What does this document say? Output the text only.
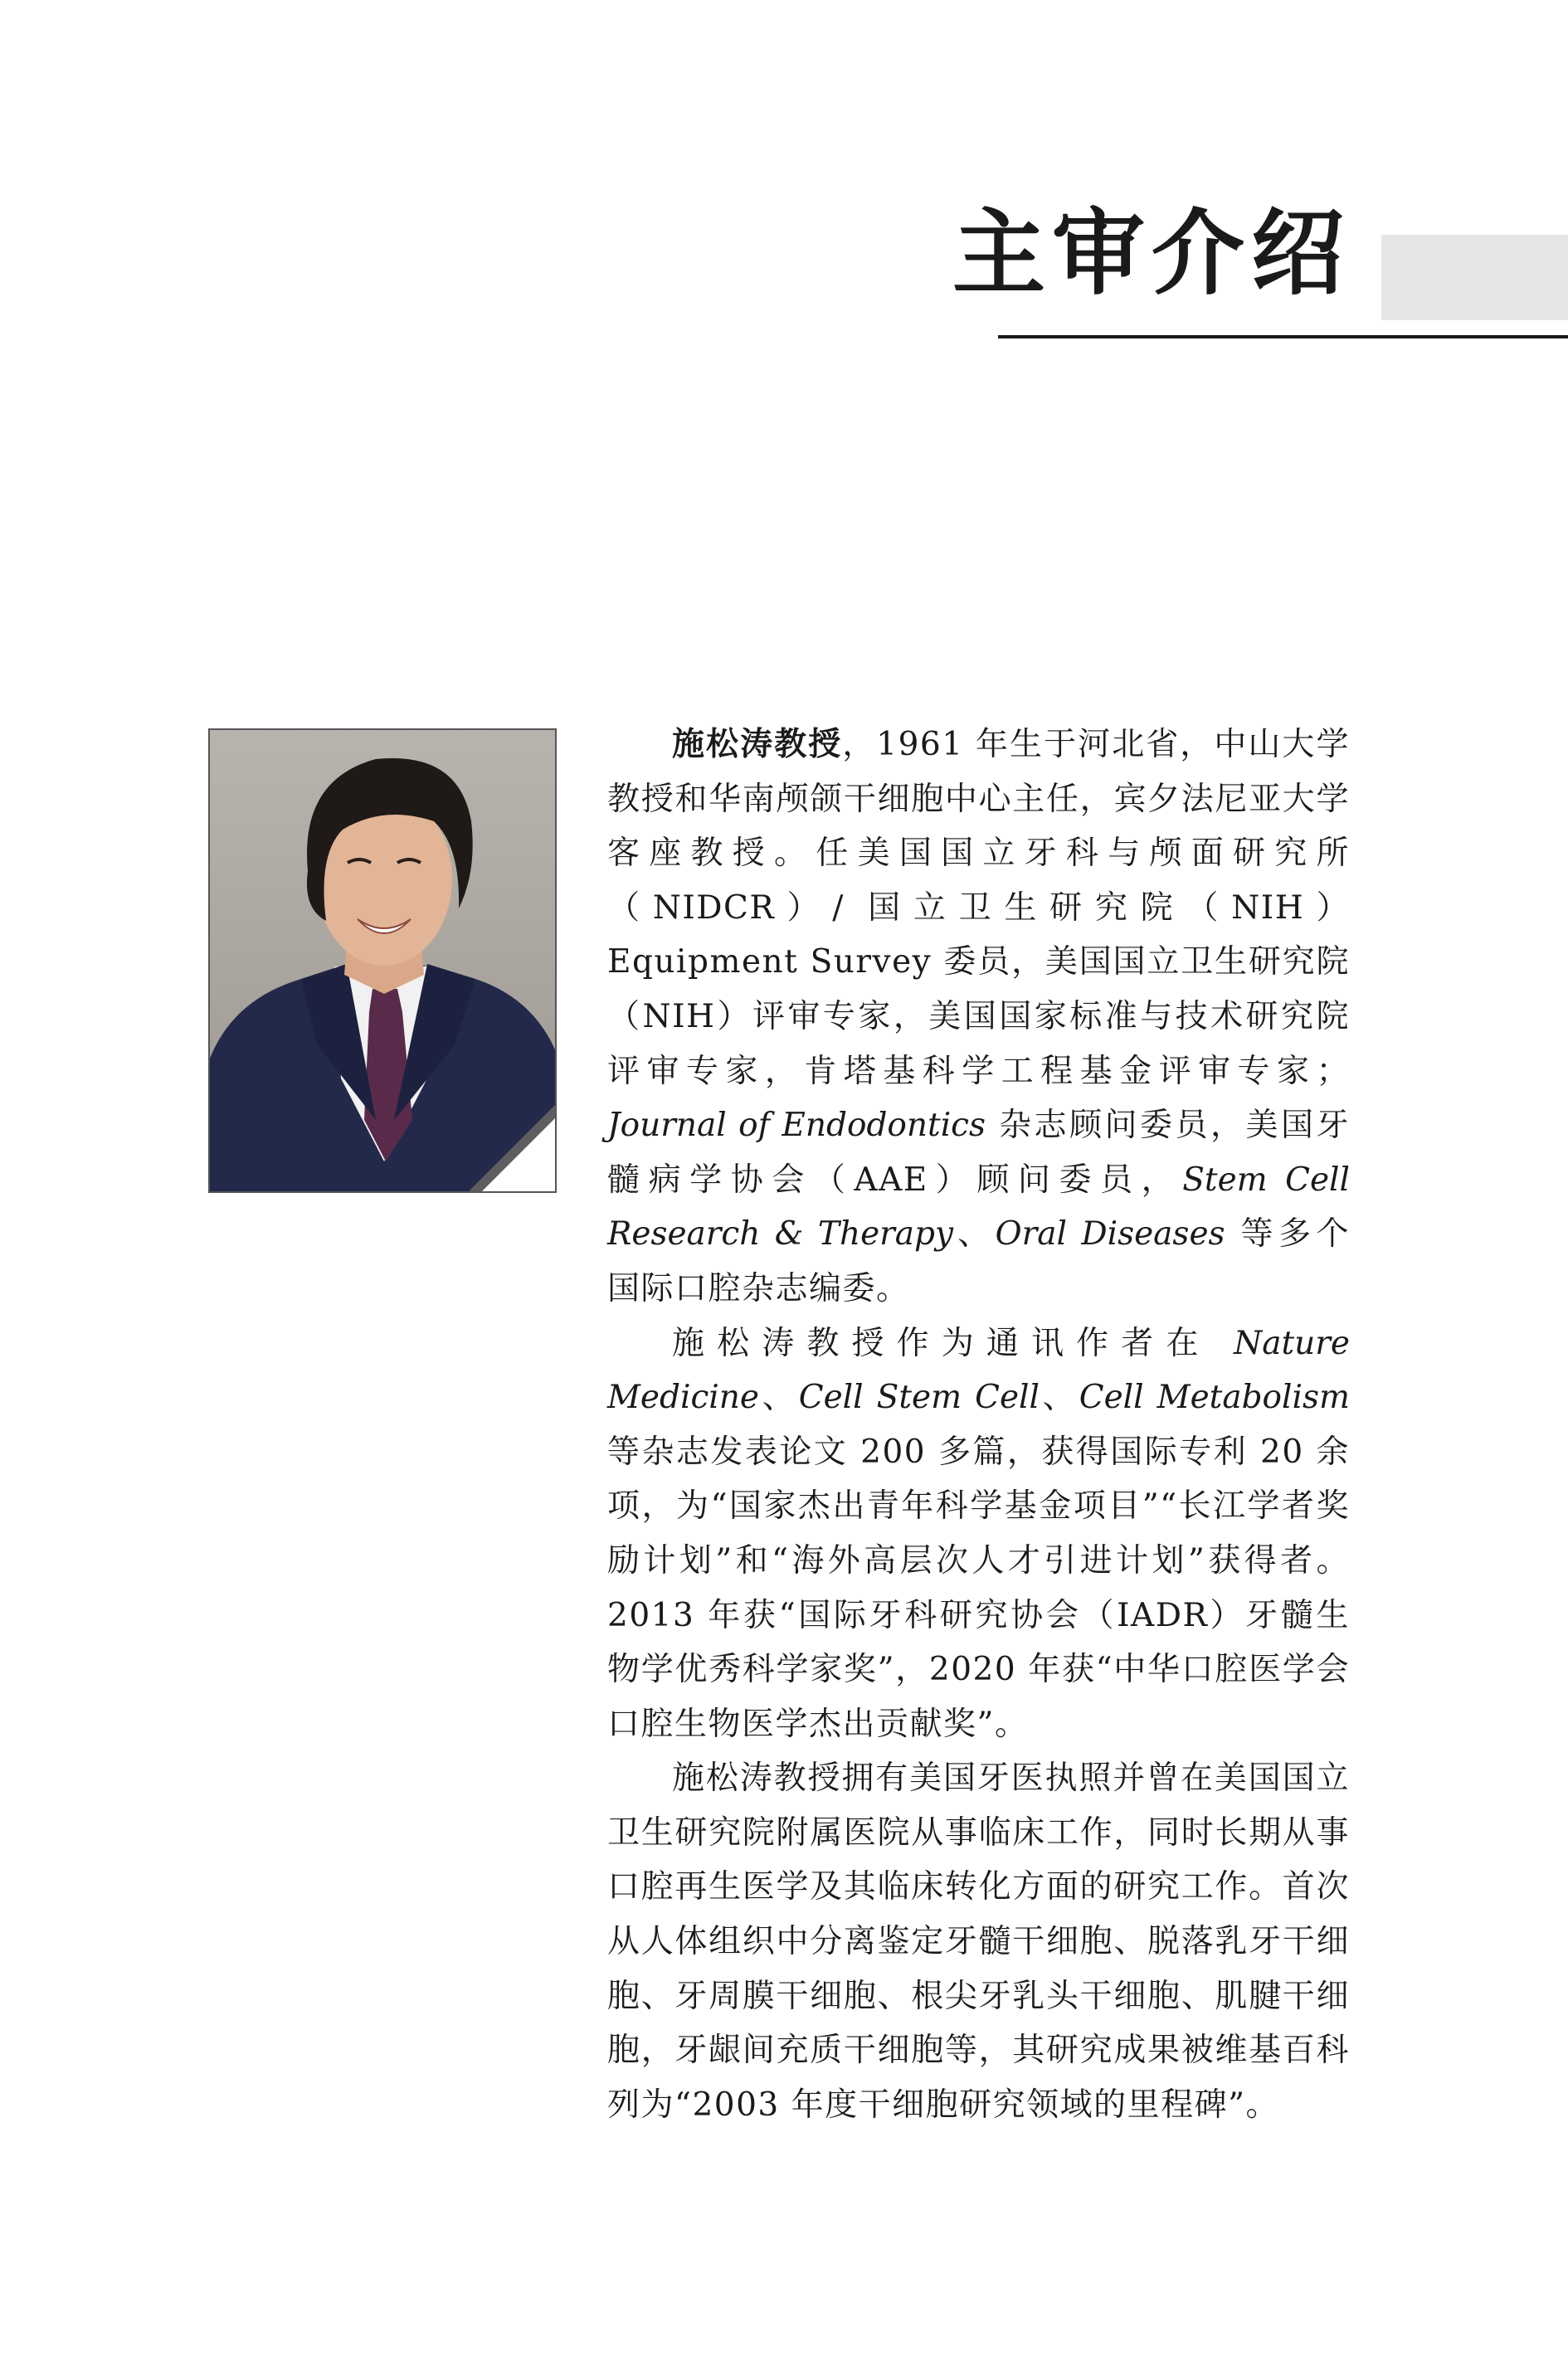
主审介绍

施松涛教授，1961 年生于河北省，中山大学教授和华南颅颌干细胞中心主任，宾夕法尼亚大学客座教授。任美国国立牙科与颅面研究所（NIDCR）/ 国立卫生研究院（NIH）Equipment Survey 委员，美国国立卫生研究院（NIH）评审专家，美国国家标准与技术研究院评审专家，肯塔基科学工程基金评审专家；Journal of Endodontics 杂志顾问委员，美国牙髓病学协会（AAE）顾问委员，Stem Cell Research & Therapy、Oral Diseases 等多个国际口腔杂志编委。

施松涛教授作为通讯作者在 Nature Medicine、Cell Stem Cell、Cell Metabolism 等杂志发表论文 200 多篇，获得国际专利 20 余项，为“国家杰出青年科学基金项目”“长江学者奖励计划”和“海外高层次人才引进计划”获得者。2013 年获“国际牙科研究协会（IADR）牙髓生物学优秀科学家奖”，2020 年获“中华口腔医学会口腔生物医学杰出贡献奖”。

施松涛教授拥有美国牙医执照并曾在美国国立卫生研究院附属医院从事临床工作，同时长期从事口腔再生医学及其临床转化方面的研究工作。首次从人体组织中分离鉴定牙髓干细胞、脱落乳牙干细胞、牙周膜干细胞、根尖牙乳头干细胞、肌腱干细胞，牙龈间充质干细胞等，其研究成果被维基百科列为“2003 年度干细胞研究领域的里程碑”。
